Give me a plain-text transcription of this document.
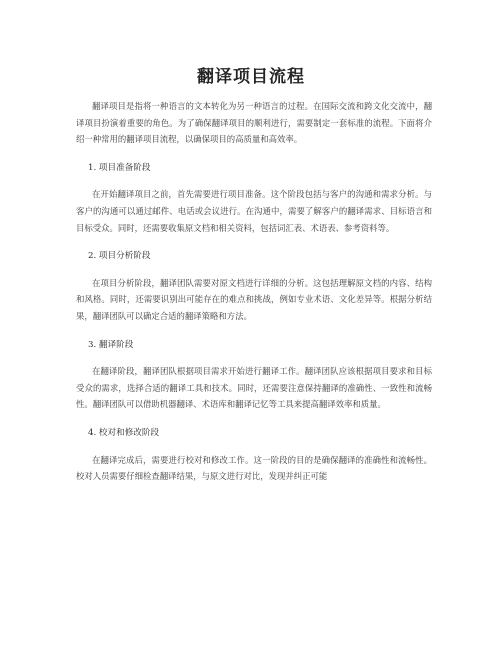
翻译项目流程

翻译项目是指将一种语言的文本转化为另一种语言的过程。在国际交流和跨文化交流中，翻译项目扮演着重要的角色。为了确保翻译项目的顺利进行，需要制定一套标准的流程。下面将介绍一种常用的翻译项目流程，以确保项目的高质量和高效率。

1. 项目准备阶段

在开始翻译项目之前，首先需要进行项目准备。这个阶段包括与客户的沟通和需求分析。与客户的沟通可以通过邮件、电话或会议进行。在沟通中，需要了解客户的翻译需求、目标语言和目标受众。同时，还需要收集原文档和相关资料，包括词汇表、术语表、参考资料等。

2. 项目分析阶段

在项目分析阶段，翻译团队需要对原文档进行详细的分析。这包括理解原文档的内容、结构和风格。同时，还需要识别出可能存在的难点和挑战，例如专业术语、文化差异等。根据分析结果，翻译团队可以确定合适的翻译策略和方法。

3. 翻译阶段

在翻译阶段，翻译团队根据项目需求开始进行翻译工作。翻译团队应该根据项目要求和目标受众的需求，选择合适的翻译工具和技术。同时，还需要注意保持翻译的准确性、一致性和流畅性。翻译团队可以借助机器翻译、术语库和翻译记忆等工具来提高翻译效率和质量。

4. 校对和修改阶段

在翻译完成后，需要进行校对和修改工作。这一阶段的目的是确保翻译的准确性和流畅性。校对人员需要仔细检查翻译结果，与原文进行对比，发现并纠正可能
